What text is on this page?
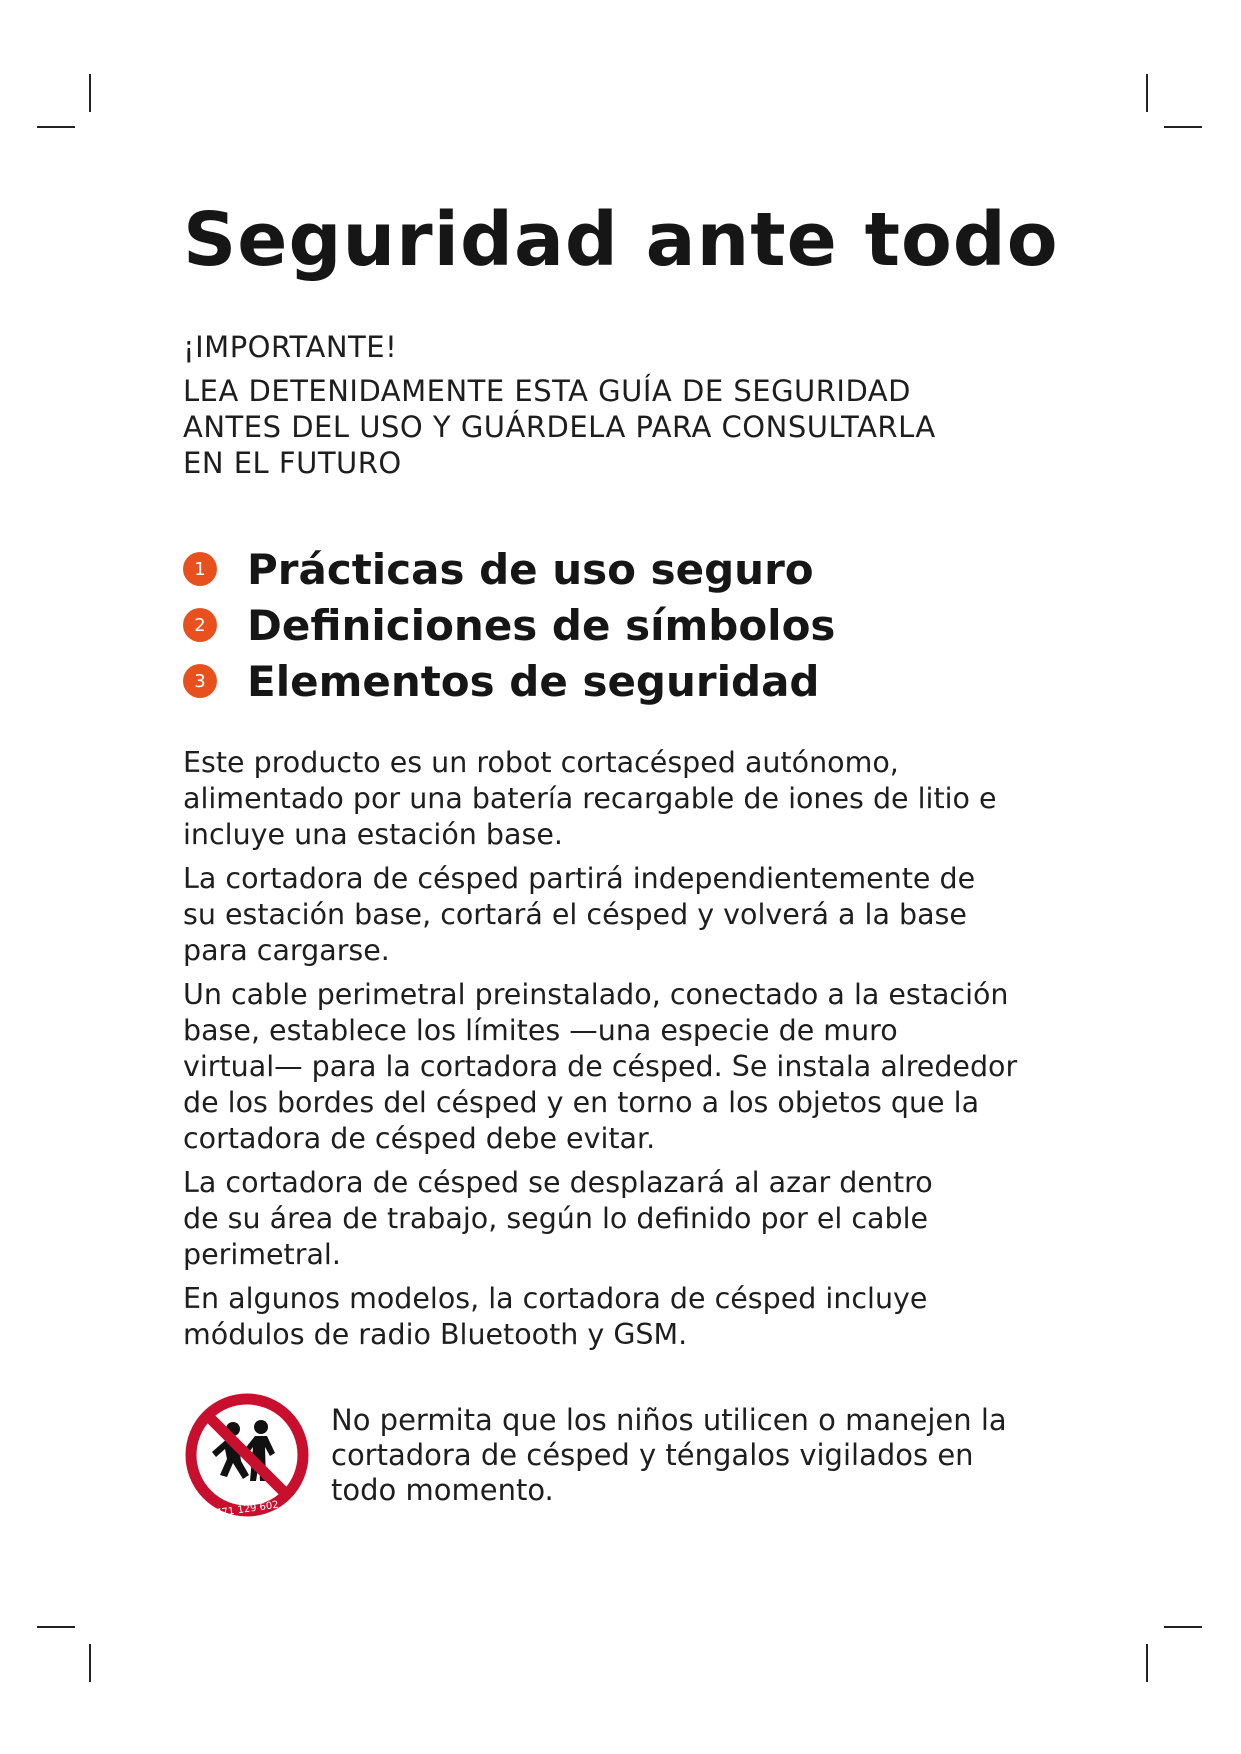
Seguridad ante todo
¡IMPORTANTE!
LEA DETENIDAMENTE ESTA GUÍA DE SEGURIDAD
ANTES DEL USO Y GUÁRDELA PARA CONSULTARLA
EN EL FUTURO
1 Prácticas de uso seguro
2 Definiciones de símbolos
3 Elementos de seguridad

Este producto es un robot cortacésped autónomo,
alimentado por una batería recargable de iones de litio e
incluye una estación base.

La cortadora de césped partirá independientemente de
su estación base, cortará el césped y volverá a la base
para cargarse.

Un cable perimetral preinstalado, conectado a la estación
base, establece los límites —una especie de muro
virtual— para la cortadora de césped. Se instala alrededor
de los bordes del césped y en torno a los objetos que la
cortadora de césped debe evitar.

La cortadora de césped se desplazará al azar dentro
de su área de trabajo, según lo definido por el cable
perimetral.

En algunos modelos, la cortadora de césped incluye
módulos de radio Bluetooth y GSM.

771 129 602
No permita que los niños utilicen o manejen la
cortadora de césped y téngalos vigilados en
todo momento.
